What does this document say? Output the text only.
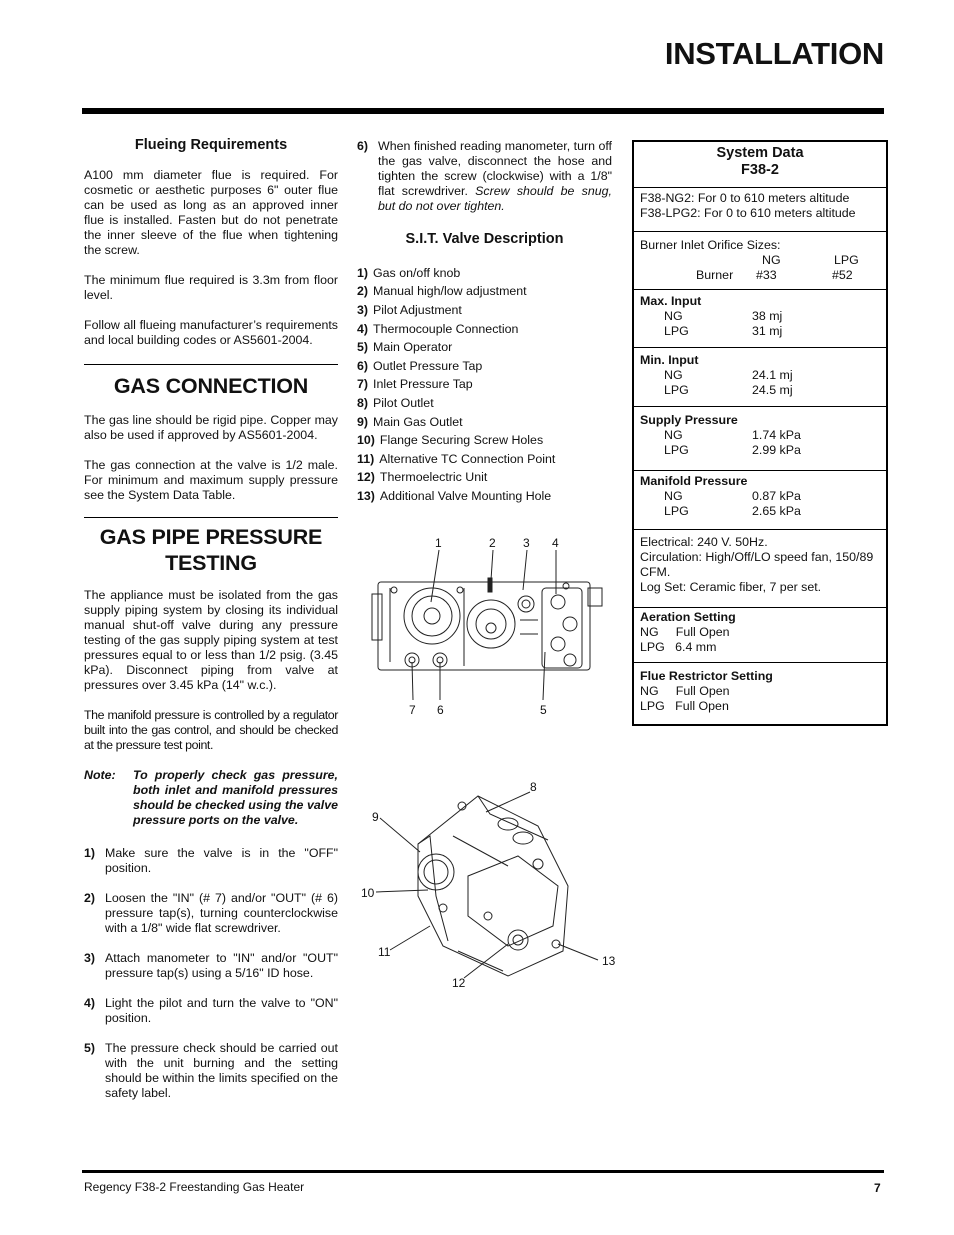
INSTALLATION
Flueing Requirements

A100 mm diameter flue is required. For cosmetic or aesthetic purposes 6" outer flue can be used as long as an approved inner flue is installed. Fasten but do not penetrate the inner sleeve of the flue when tightening the screw.

The minimum flue required is 3.3m from floor level.

Follow all flueing manufacturer’s requirements and local building codes or AS5601-2004.

GAS CONNECTION

The gas line should be rigid pipe. Copper may also be used if approved by AS5601-2004.

The gas connection at the valve is 1/2 male. For minimum and maximum supply pressure see the System Data Table.

GAS PIPE PRESSURE
TESTING

The appliance must be isolated from the gas supply piping system by closing its individual manual shut-off valve during any pressure testing of the gas supply piping system at test pressures equal to or less than 1/2 psig. (3.45 kPa). Disconnect piping from valve at pressures over 3.45 kPa (14" w.c.).

The manifold pressure is controlled by a regulator built into the gas control, and should be checked at the pressure test point.

Note:	To properly check gas pressure, both inlet and manifold pressures should be checked using the valve pressure ports on the valve.
1) Make sure the valve is in the "OFF" position.
2) Loosen the "IN" (# 7) and/or "OUT" (# 6) pressure tap(s), turning counterclockwise with a 1/8" wide flat screwdriver.
3) Attach manometer to "IN" and/or "OUT" pressure tap(s) using a 5/16" ID hose.
4) Light the pilot and turn the valve to "ON" position.
5) The pressure check should be carried out with the unit burning and the setting should be within the limits specified on the safety label.
6) When finished reading manometer, turn off the gas valve, disconnect the hose and tighten the screw (clockwise) with a 1/8" flat screwdriver. Screw should be snug, but do not over tighten.
S.I.T. Valve Description
1) Gas on/off knob
2) Manual high/low adjustment
3) Pilot Adjustment
4) Thermocouple Connection
5) Main Operator
6) Outlet Pressure Tap
7) Inlet Pressure Tap
8) Pilot Outlet
9) Main Gas Outlet
10) Flange Securing Screw Holes
11) Alternative TC Connection Point
12) Thermoelectric Unit
13) Additional Valve Mounting Hole
1	2 3 4
5
6
7
8
9
10
11
12
13
System Data
F38-2
F38-NG2: For 0 to 610 meters altitude
F38-LPG2: For 0 to 610 meters altitude
Burner Inlet Orifice Sizes:
NG	LPG
Burner	#33	#52
Max. Input
NG	38 mj
LPG	31 mj
Min. Input
NG	24.1 mj
LPG	24.5 mj
Supply Pressure
NG	1.74 kPa
LPG	2.99 kPa
Manifold Pressure
NG	0.87 kPa
LPG	2.65 kPa
Electrical: 240 V. 50Hz.
Circulation: High/Off/LO speed fan, 150/89 CFM.
Log Set: Ceramic fiber, 7 per set.
Aeration Setting
NG     Full Open
LPG   6.4 mm
Flue Restrictor Setting
NG     Full Open
LPG   Full Open
Regency F38-2 Freestanding Gas Heater	7
